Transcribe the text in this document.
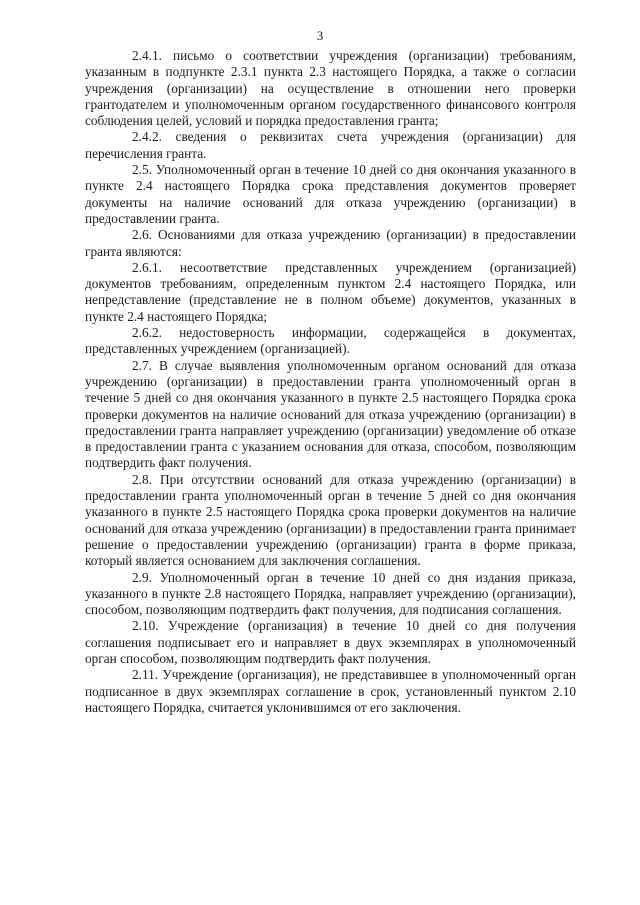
3

2.4.1. письмо о соответствии учреждения (организации) требованиям, указанным в подпункте 2.3.1 пункта 2.3 настоящего Порядка, а также о согласии учреждения (организации) на осуществление в отношении него проверки грантодателем и уполномоченным органом государственного финансового контроля соблюдения целей, условий и порядка предоставления гранта;

2.4.2. сведения о реквизитах счета учреждения (организации) для перечисления гранта.

2.5. Уполномоченный орган в течение 10 дней со дня окончания указанного в пункте 2.4 настоящего Порядка срока представления документов проверяет документы на наличие оснований для отказа учреждению (организации) в предоставлении гранта.

2.6. Основаниями для отказа учреждению (организации) в предоставлении гранта являются:

2.6.1. несоответствие представленных учреждением (организацией) документов требованиям, определенным пунктом 2.4 настоящего Порядка, или непредставление (представление не в полном объеме) документов, указанных в пункте 2.4 настоящего Порядка;

2.6.2. недостоверность информации, содержащейся в документах, представленных учреждением (организацией).

2.7. В случае выявления уполномоченным органом оснований для отказа учреждению (организации) в предоставлении гранта уполномоченный орган в течение 5 дней со дня окончания указанного в пункте 2.5 настоящего Порядка срока проверки документов на наличие оснований для отказа учреждению (организации) в предоставлении гранта направляет учреждению (организации) уведомление об отказе в предоставлении гранта с указанием основания для отказа, способом, позволяющим подтвердить факт получения.

2.8. При отсутствии оснований для отказа учреждению (организации) в предоставлении гранта уполномоченный орган в течение 5 дней со дня окончания указанного в пункте 2.5 настоящего Порядка срока проверки документов на наличие оснований для отказа учреждению (организации) в предоставлении гранта принимает решение о предоставлении учреждению (организации) гранта в форме приказа, который является основанием для заключения соглашения.

2.9. Уполномоченный орган в течение 10 дней со дня издания приказа, указанного в пункте 2.8 настоящего Порядка, направляет учреждению (организации), способом, позволяющим подтвердить факт получения, для подписания соглашения.

2.10. Учреждение (организация) в течение 10 дней со дня получения соглашения подписывает его и направляет в двух экземплярах в уполномоченный орган способом, позволяющим подтвердить факт получения.

2.11. Учреждение (организация), не представившее в уполномоченный орган подписанное в двух экземплярах соглашение в срок, установленный пунктом 2.10 настоящего Порядка, считается уклонившимся от его заключения.
